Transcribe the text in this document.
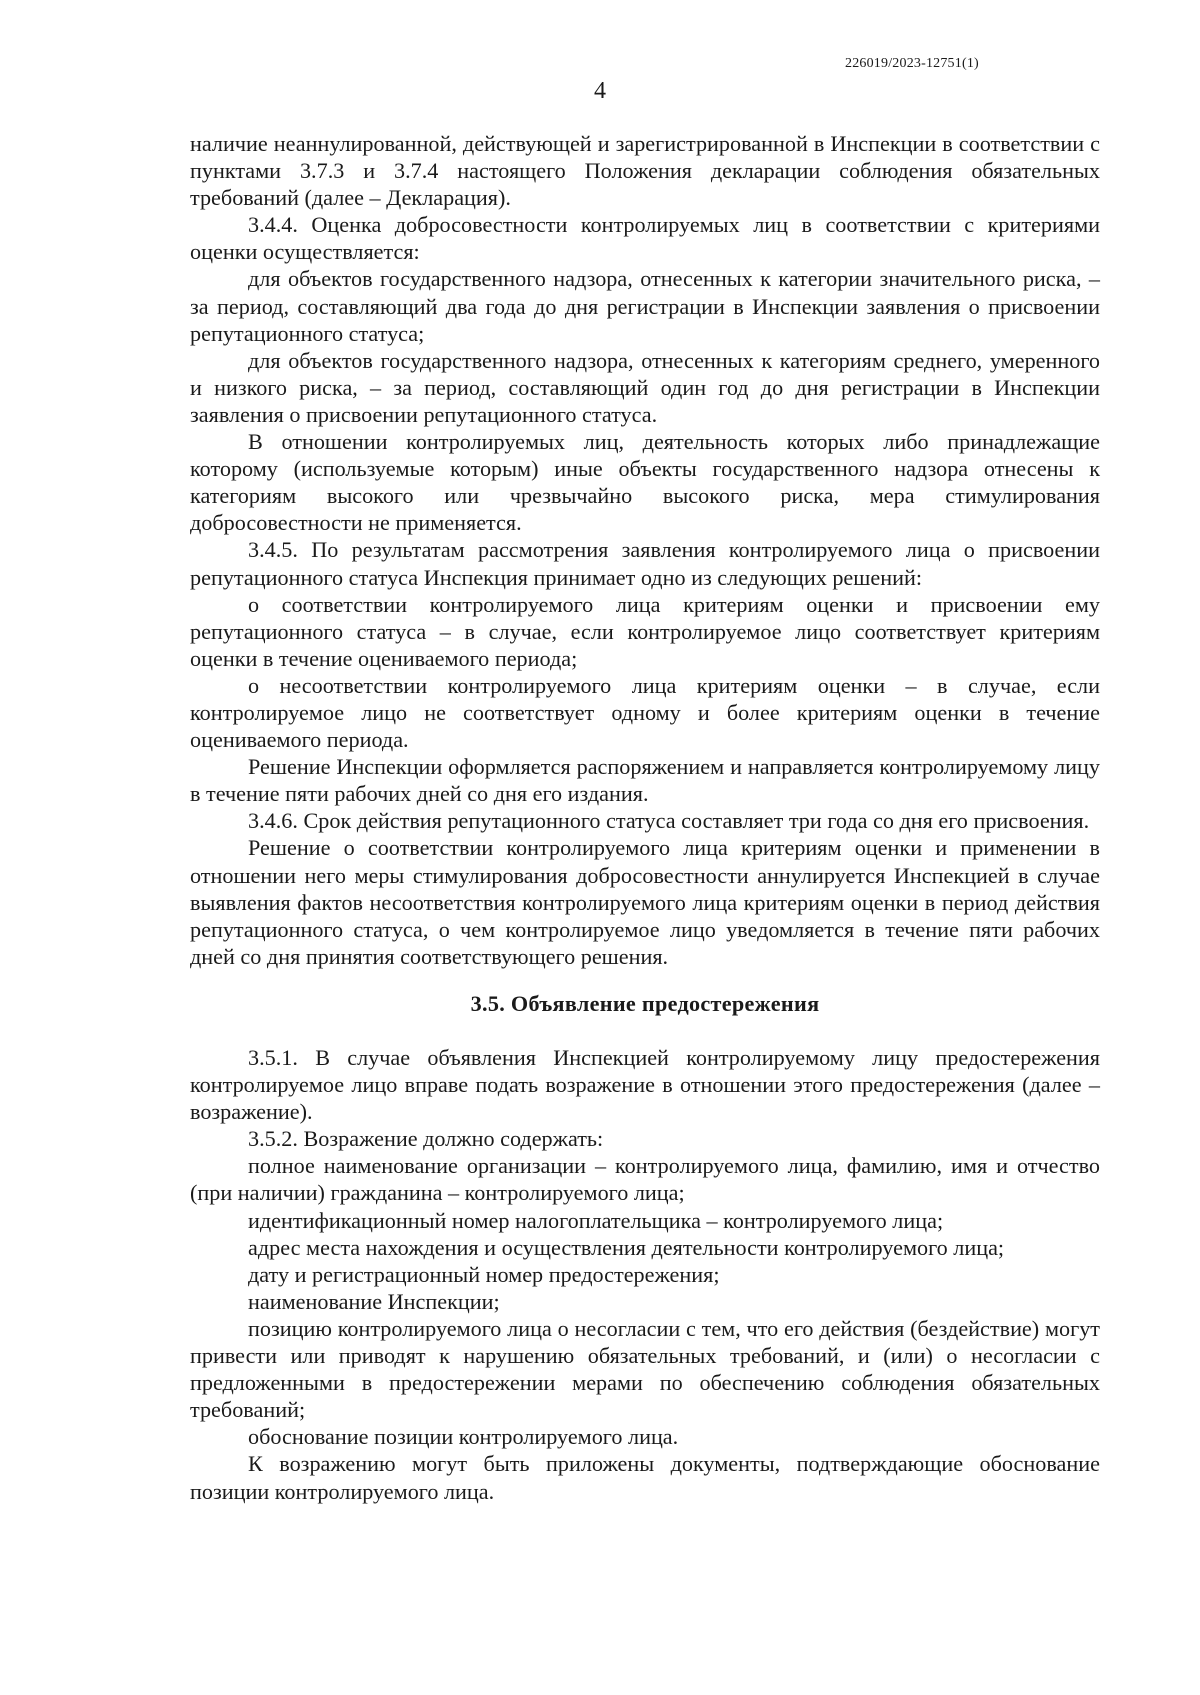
226019/2023-12751(1)
4

наличие неаннулированной, действующей и зарегистрированной в Инспекции в соответствии с пунктами 3.7.3 и 3.7.4 настоящего Положения декларации соблюдения обязательных требований (далее – Декларация).

3.4.4. Оценка добросовестности контролируемых лиц в соответствии с критериями оценки осуществляется:

для объектов государственного надзора, отнесенных к категории значительного риска, – за период, составляющий два года до дня регистрации в Инспекции заявления о присвоении репутационного статуса;

для объектов государственного надзора, отнесенных к категориям среднего, умеренного и низкого риска, – за период, составляющий один год до дня регистрации в Инспекции заявления о присвоении репутационного статуса.

В отношении контролируемых лиц, деятельность которых либо принадлежащие которому (используемые которым) иные объекты государственного надзора отнесены к категориям высокого или чрезвычайно высокого риска, мера стимулирования добросовестности не применяется.

3.4.5. По результатам рассмотрения заявления контролируемого лица о присвоении репутационного статуса Инспекция принимает одно из следующих решений:

о соответствии контролируемого лица критериям оценки и присвоении ему репутационного статуса – в случае, если контролируемое лицо соответствует критериям оценки в течение оцениваемого периода;

о несоответствии контролируемого лица критериям оценки – в случае, если контролируемое лицо не соответствует одному и более критериям оценки в течение оцениваемого периода.

Решение Инспекции оформляется распоряжением и направляется контролируемому лицу в течение пяти рабочих дней со дня его издания.

3.4.6. Срок действия репутационного статуса составляет три года со дня его присвоения.

Решение о соответствии контролируемого лица критериям оценки и применении в отношении него меры стимулирования добросовестности аннулируется Инспекцией в случае выявления фактов несоответствия контролируемого лица критериям оценки в период действия репутационного статуса, о чем контролируемое лицо уведомляется в течение пяти рабочих дней со дня принятия соответствующего решения.

3.5. Объявление предостережения

3.5.1. В случае объявления Инспекцией контролируемому лицу предостережения контролируемое лицо вправе подать возражение в отношении этого предостережения (далее – возражение).

3.5.2. Возражение должно содержать:

полное наименование организации – контролируемого лица, фамилию, имя и отчество (при наличии) гражданина – контролируемого лица;

идентификационный номер налогоплательщика – контролируемого лица;

адрес места нахождения и осуществления деятельности контролируемого лица;

дату и регистрационный номер предостережения;

наименование Инспекции;

позицию контролируемого лица о несогласии с тем, что его действия (бездействие) могут привести или приводят к нарушению обязательных требований, и (или) о несогласии с предложенными в предостережении мерами по обеспечению соблюдения обязательных требований;

обоснование позиции контролируемого лица.

К возражению могут быть приложены документы, подтверждающие обоснование позиции контролируемого лица.
